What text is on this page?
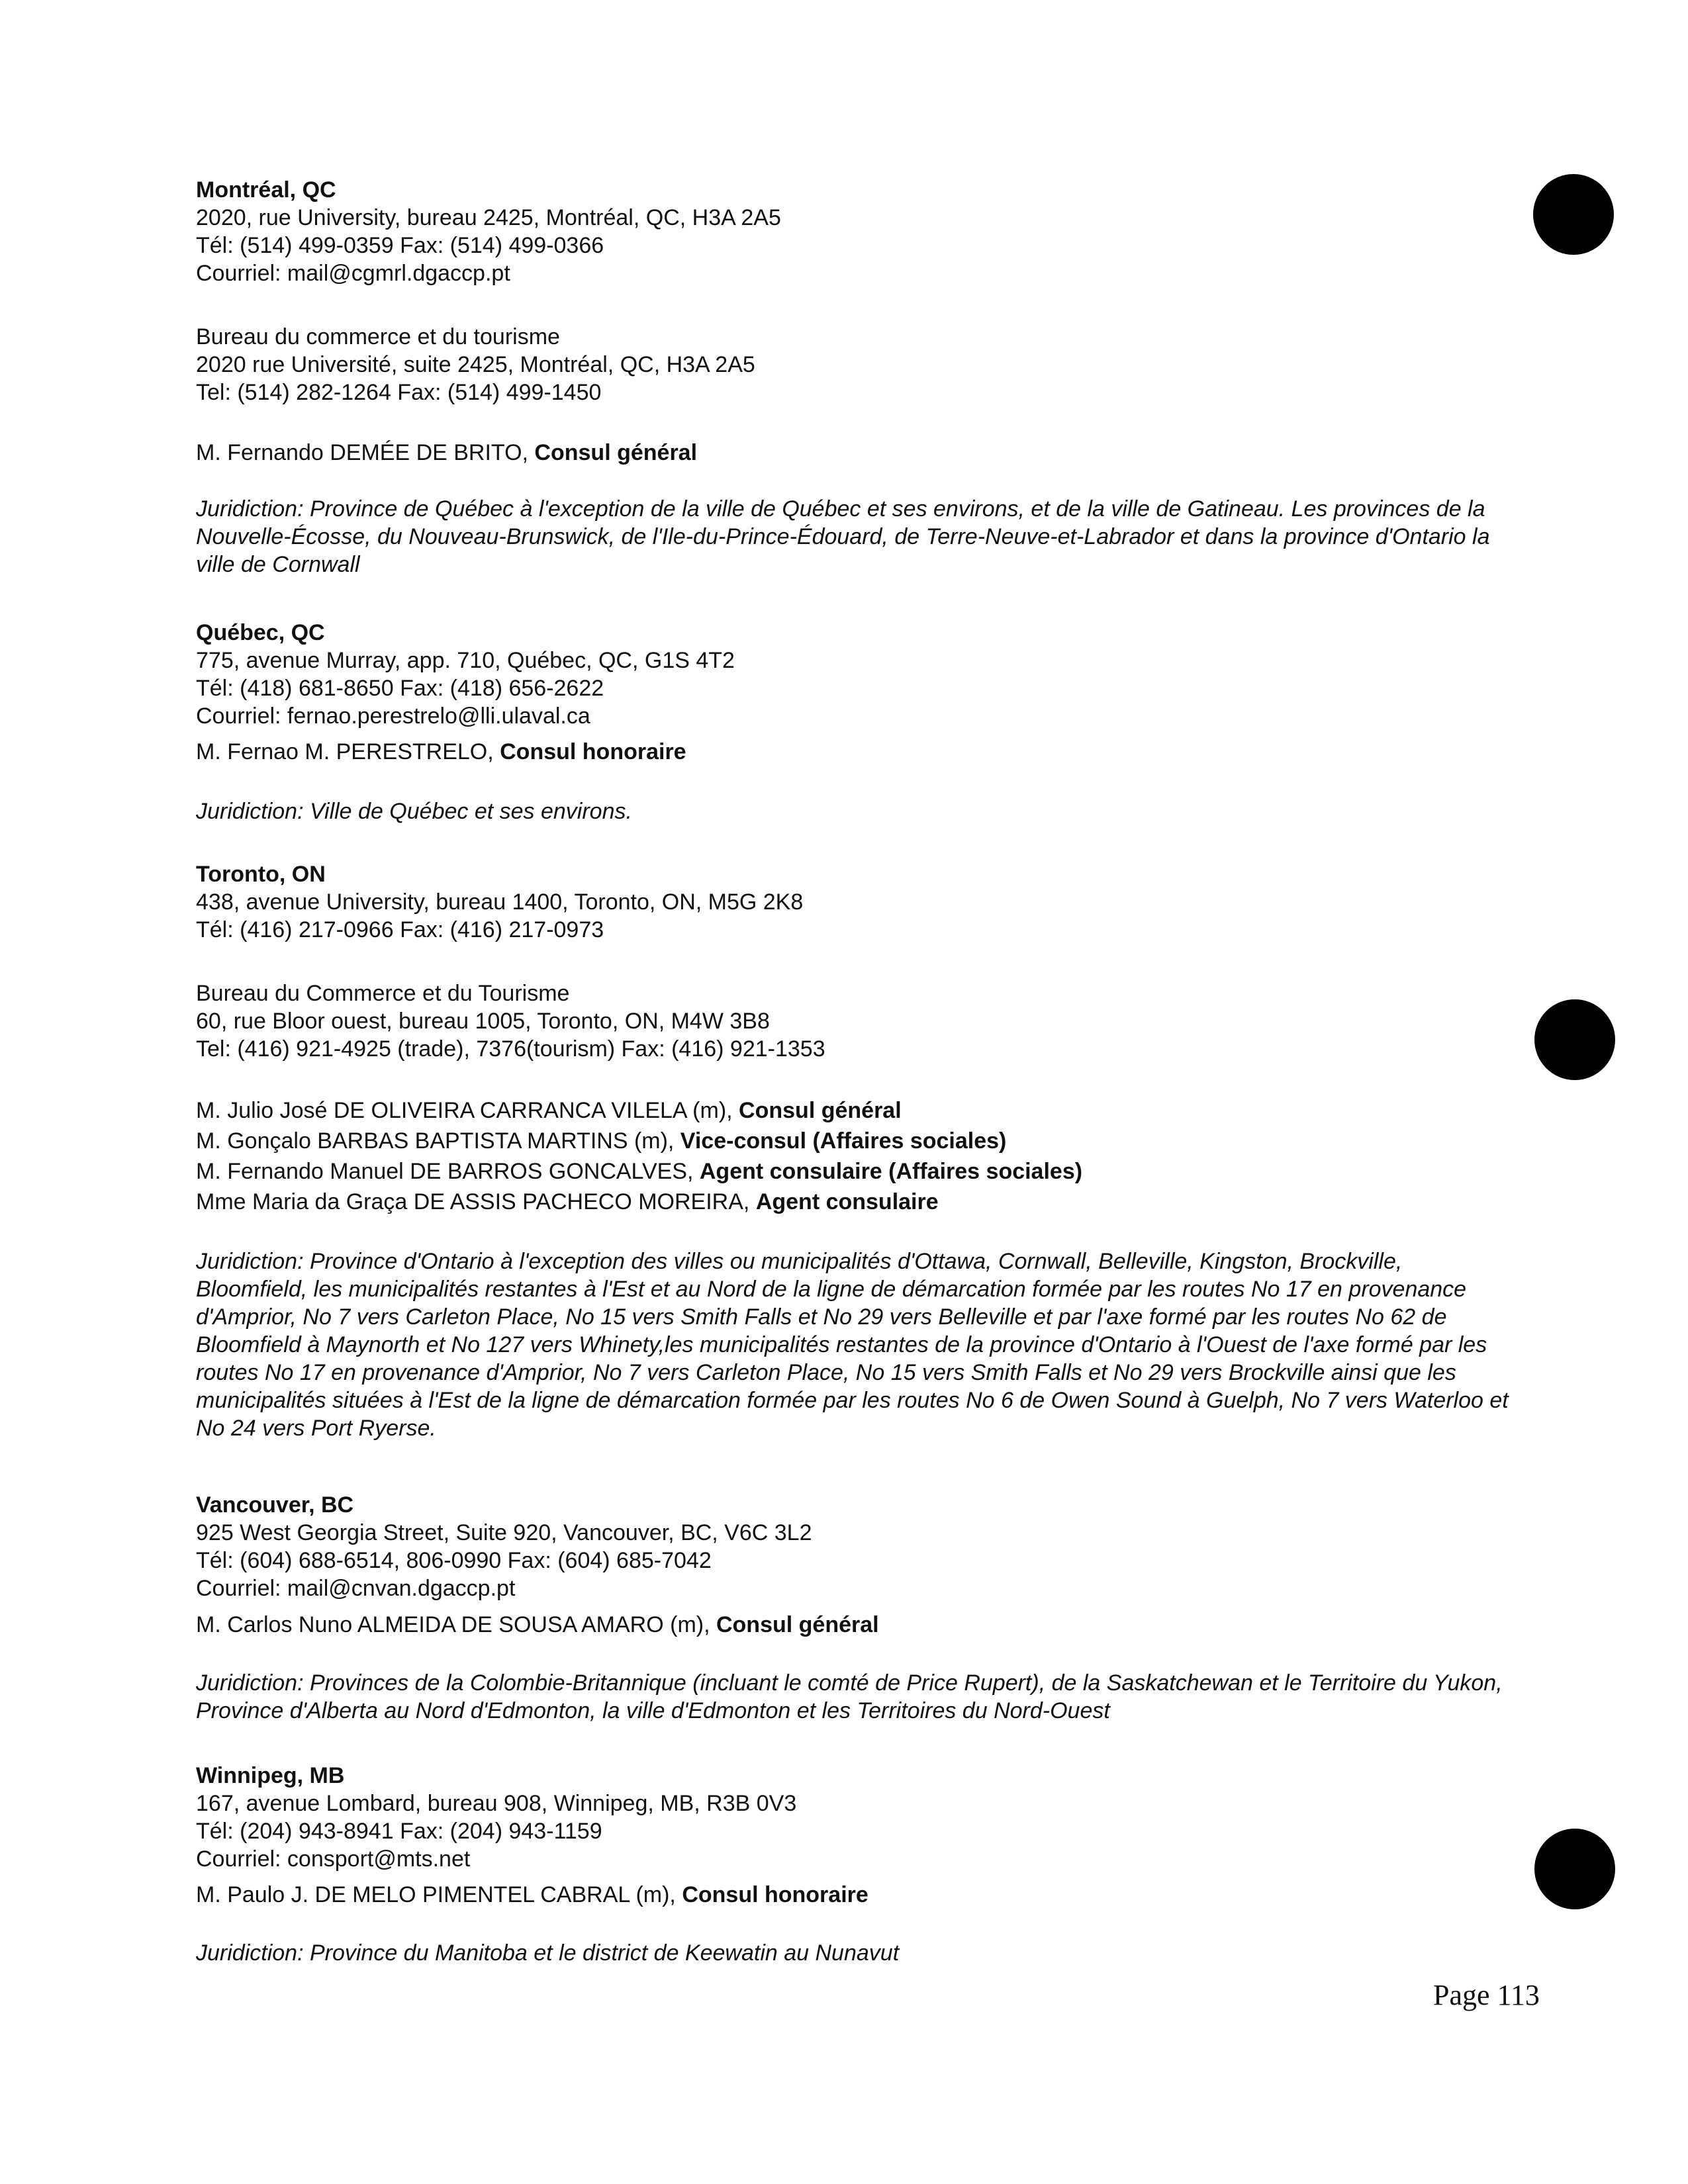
Montréal, QC
2020, rue University, bureau 2425, Montréal, QC, H3A 2A5
Tél: (514) 499-0359 Fax: (514) 499-0366
Courriel: mail@cgmrl.dgaccp.pt
Bureau du commerce et du tourisme
2020 rue Université, suite 2425, Montréal, QC, H3A 2A5
Tel: (514) 282-1264 Fax: (514) 499-1450
M. Fernando DEMÉE DE BRITO, Consul général
Juridiction: Province de Québec à l'exception de la ville de Québec et ses environs, et de la ville de Gatineau. Les provinces de la Nouvelle-Écosse, du Nouveau-Brunswick, de l'Ile-du-Prince-Édouard, de Terre-Neuve-et-Labrador et dans la province d'Ontario la ville de Cornwall
Québec, QC
775, avenue Murray, app. 710, Québec, QC, G1S 4T2
Tél: (418) 681-8650 Fax: (418) 656-2622
Courriel: fernao.perestrelo@lli.ulaval.ca
M. Fernao M. PERESTRELO, Consul honoraire
Juridiction: Ville de Québec et ses environs.
Toronto, ON
438, avenue University, bureau 1400, Toronto, ON, M5G 2K8
Tél: (416) 217-0966 Fax: (416) 217-0973
Bureau du Commerce et du Tourisme
60, rue Bloor ouest, bureau 1005, Toronto, ON, M4W 3B8
Tel: (416) 921-4925 (trade), 7376(tourism) Fax: (416) 921-1353
M. Julio José DE OLIVEIRA CARRANCA VILELA (m), Consul général
M. Gonçalo BARBAS BAPTISTA MARTINS (m), Vice-consul (Affaires sociales)
M. Fernando Manuel DE BARROS GONCALVES, Agent consulaire (Affaires sociales)
Mme Maria da Graça DE ASSIS PACHECO MOREIRA, Agent consulaire
Juridiction: Province d'Ontario à l'exception des villes ou municipalités d'Ottawa, Cornwall, Belleville, Kingston, Brockville, Bloomfield, les municipalités restantes à l'Est et au Nord de la ligne de démarcation formée par les routes No 17 en provenance d'Amprior, No 7 vers Carleton Place, No 15 vers Smith Falls et No 29 vers Belleville et par l'axe formé par les routes No 62 de Bloomfield à Maynorth et No 127 vers Whinety,les municipalités restantes de la province d'Ontario à l'Ouest de l'axe formé par les routes No 17 en provenance d'Amprior, No 7 vers Carleton Place, No 15 vers Smith Falls et No 29 vers Brockville ainsi que les municipalités situées à l'Est de la ligne de démarcation formée par les routes No 6 de Owen Sound à Guelph, No 7 vers Waterloo et No 24 vers Port Ryerse.
Vancouver, BC
925 West Georgia Street, Suite 920, Vancouver, BC, V6C 3L2
Tél: (604) 688-6514, 806-0990 Fax: (604) 685-7042
Courriel: mail@cnvan.dgaccp.pt
M. Carlos Nuno ALMEIDA DE SOUSA AMARO (m), Consul général
Juridiction: Provinces de la Colombie-Britannique (incluant le comté de Price Rupert), de la Saskatchewan et le Territoire du Yukon, Province d'Alberta au Nord d'Edmonton, la ville d'Edmonton et les Territoires du Nord-Ouest
Winnipeg, MB
167, avenue Lombard, bureau 908, Winnipeg, MB, R3B 0V3
Tél: (204) 943-8941 Fax: (204) 943-1159
Courriel: consport@mts.net
M. Paulo J. DE MELO PIMENTEL CABRAL (m), Consul honoraire
Juridiction: Province du Manitoba et le district de Keewatin au Nunavut
Page 113
